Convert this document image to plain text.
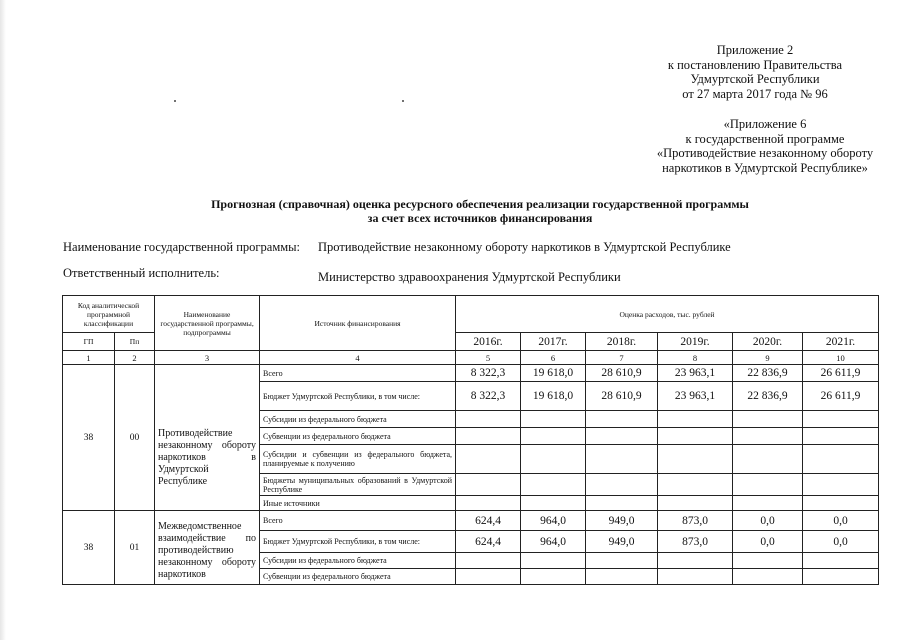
Приложение 2
к постановлению Правительства
Удмуртской Республики
от 27 марта 2017 года № 96
«Приложение 6
к государственной программе
«Противодействие незаконному обороту
наркотиков в Удмуртской Республике»
Прогнозная (справочная) оценка ресурсного обеспечения реализации государственной программы
за счет всех источников финансирования
Наименование государственной программы: Противодействие незаконному обороту наркотиков в Удмуртской Республике
Ответственный исполнитель:	Министерство здравоохранения Удмуртской Республики
Код аналитической программной классификации		Наименование государственной программы, подпрограммы	Источник финансирования	Оценка расходов, тыс. рублей					
ГП	Пп			2016г.	2017г.	2018г.	2019г.	2020г.	2021г.

1	2	3	4	5	6	7	8	9	10
38	00	Противодействие незаконному обороту наркотиков в Удмуртской Республике	Всего	8 322,3	19 618,0	28 610,9	23 963,1	22 836,9	26 611,9
			Бюджет Удмуртской Республики, в том числе:	8 322,3	19 618,0	28 610,9	23 963,1	22 836,9	26 611,9
			Субсидии из федерального бюджета						
			Субвенции из федерального бюджета						
			Субсидии и субвенции из федерального бюджета, планируемые к получению						
			Бюджеты муниципальных образований в Удмуртской Республике						
			Иные источники						
38	01	Межведомственное взаимодействие по противодействию незаконному обороту наркотиков	Всего	624,4	964,0	949,0	873,0	0,0	0,0
			Бюджет Удмуртской Республики, в том числе:	624,4	964,0	949,0	873,0	0,0	0,0
			Субсидии из федерального бюджета						
			Субвенции из федерального бюджета						
